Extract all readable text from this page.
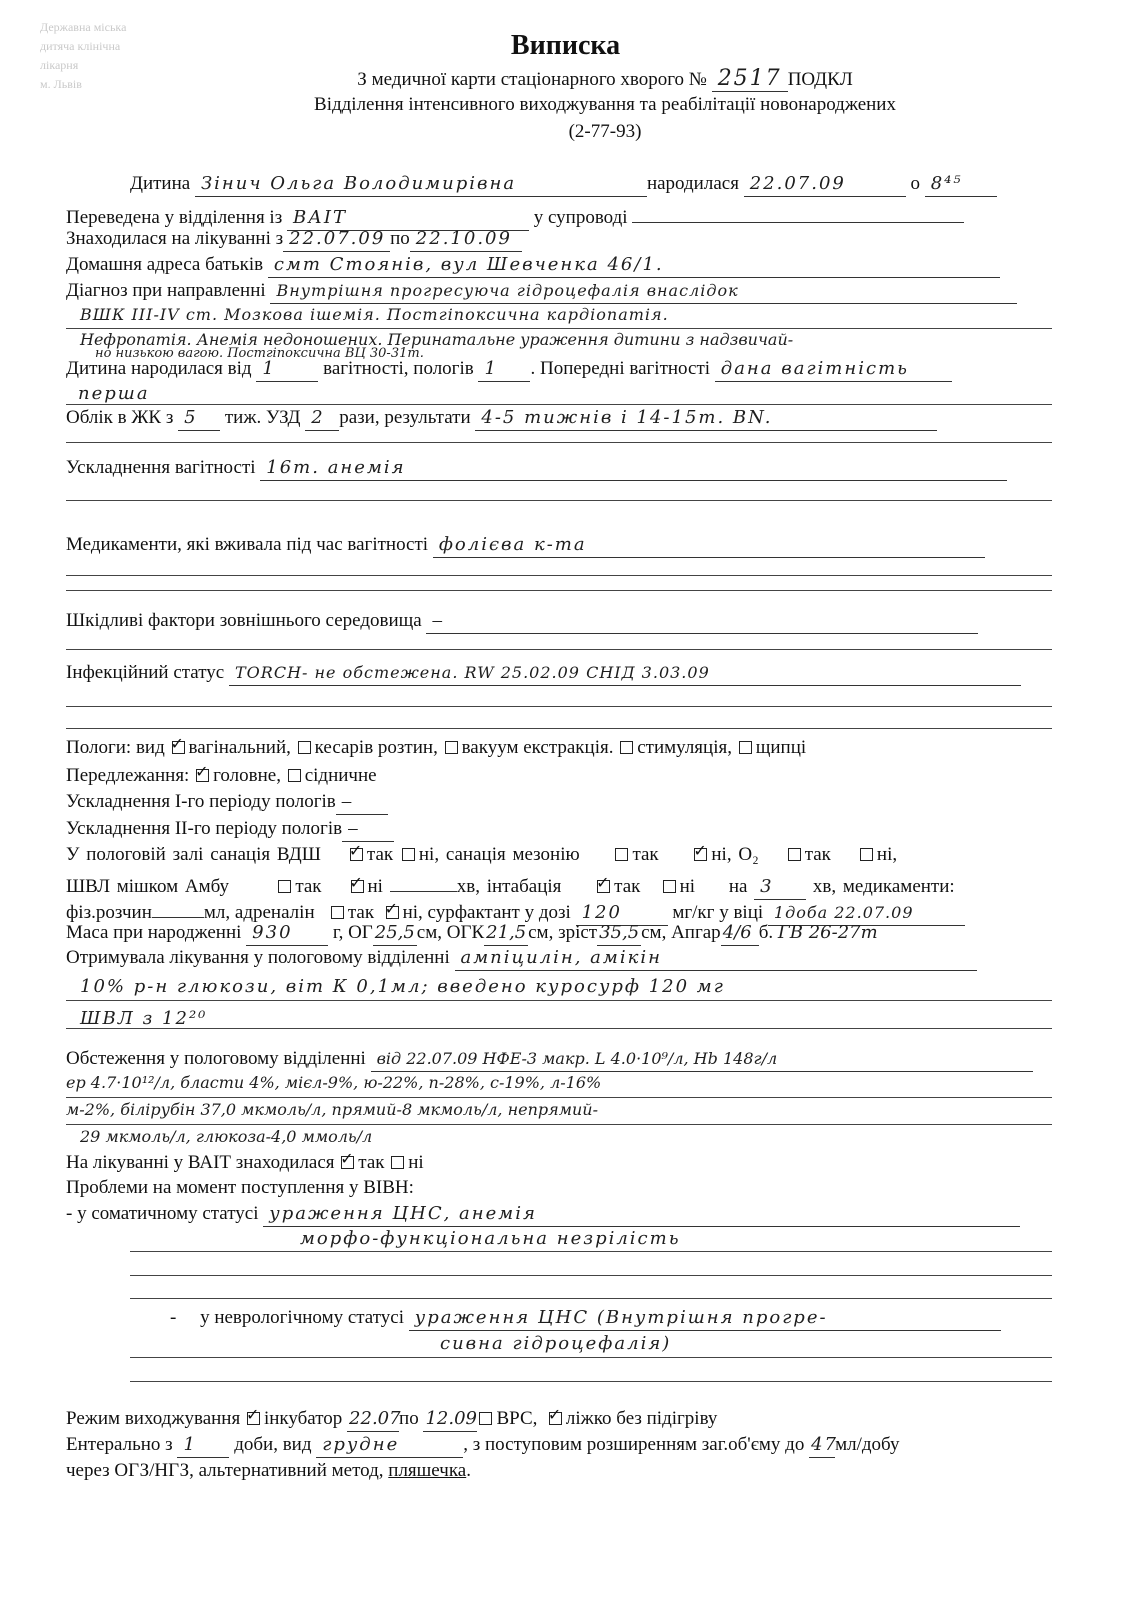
Державна міська
дитяча клінічна
лікарня
м. Львів
Виписка
З медичної карти стаціонарного хворого № 2517 ПОДКЛ
Відділення інтенсивного виходжування та реабілітації новонароджених
(2-77-93)
Дитина Зінич Ольга Володимирівна	народилася 22.07.09	о 8⁴⁵
Переведена у відділення із ВАІТ	у супроводі
Знаходилася на лікуванні з 22.07.09 по 22.10.09
Домашня адреса батьків смт Стоянів, вул Шевченка 46/1.
Діагноз при направленні Внутрішня прогресуюча гідроцефалія внаслідок
ВШК III-IV ст. Мозкова ішемія. Постгіпоксична кардіопатія.
Нефропатія. Анемія недоношених. Перинатальне ураження дитини з надзвичай-
но низькою вагою. Постгіпоксична ВЦ 30-31т.
Дитина народилася від 1 вагітності, пологів 1 . Попередні вагітності дана вагітність
перша
Облік в ЖК з 5 тиж. УЗД 2 рази, результати 4-5 тижнів і 14-15т. ВN.
Ускладнення вагітності 16т. анемія
Медикаменти, які вживала під час вагітності фолієва к-та
Шкідливі фактори зовнішнього середовища –
Інфекційний статус TORCH- не обстежена. RW 25.02.09 СНІД 3.03.09
Пологи: вид ✓ вагінальний, кесарів розтин, вакуум екстракція. стимуляція, щипці
Передлежання: ✓ головне, сідничне
Ускладнення І-го періоду пологів –
Ускладнення ІІ-го періоду пологів –
У пологовій залі санація ВДШ ✓ так ні, санація мезонію	так ✓	ні, O₂ так ні,
ШВЛ мішком Амбу	так ✓ ні	хв, інтабація ✓	так ні на 3 хв, медикаменти:
фіз.розчин	мл, адреналін так ✓ ні, сурфактант у дозі 120	мг/кг у віці 1доба 22.07.09
Маса при народженні 930 г, ОГ 25,5 см, ОГК 21,5 см, зріст 35,5 см, Апгар 4/6 б. ГВ 26-27т
Отримувала лікування у пологовому відділенні ампіцилін, амікін
10% р-н глюкози, віт К 0,1мл; введено куросурф 120 мг
ШВЛ з 12²⁰
Обстеження у пологовому відділенні від 22.07.09 НФЕ-3 макр. L 4.0·10⁹/л, Hb 148г/л
ер 4.7·10¹²/л, бласти 4%, мієл-9%, ю-22%, п-28%, с-19%, л-16%
м-2%, білірубін 37,0 мкмоль/л, прямий-8 мкмоль/л, непрямий-
29 мкмоль/л, глюкоза-4,0 ммоль/л
На лікуванні у ВАІТ знаходилася ✓ так ні
Проблеми на момент поступлення у ВІВН:
- у соматичному статусі ураження ЦНС, анемія
морфо-функціональна незрілість
- у неврологічному статусі ураження ЦНС (Внутрішня прогре-
сивна гідроцефалія)
Режим виходжування ✓ інкубатор 22.07по 12.09 ВРС, ✓ ліжко без підігріву
Ентерально з 1 доби, вид грудне	, з поступовим розширенням заг.об'єму до 47мл/добу
через ОГЗ/НГЗ, альтернативний метод, пляшечка.
